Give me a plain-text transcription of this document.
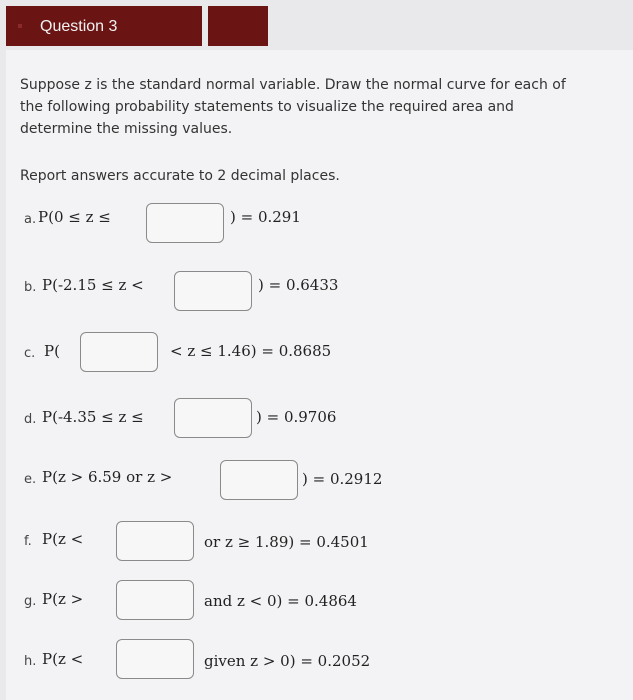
Question 3
Suppose z is the standard normal variable. Draw the normal curve for each of the following probability statements to visualize the required area and determine the missing values.
Report answers accurate to 2 decimal places.
a. P(0 ≤ z ≤	) = 0.291
b. P(-2.15 ≤ z <	) = 0.6433
c. P(	< z ≤ 1.46) = 0.8685
d. P(-4.35 ≤ z ≤	) = 0.9706
e. P(z > 6.59 or z >	) = 0.2912
f. P(z <	or z ≥ 1.89) = 0.4501
g. P(z >	and z < 0) = 0.4864
h. P(z <	given z > 0) = 0.2052
